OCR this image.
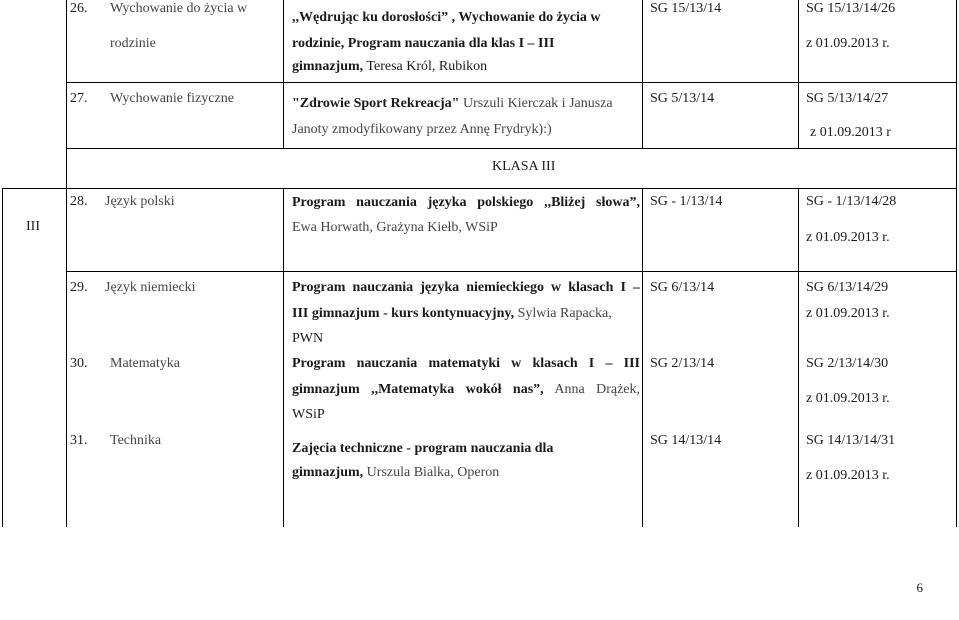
26. Wychowanie do życia w
rodzinie
,,Wędrując ku dorosłości” , Wychowanie do życia w
rodzinie, Program nauczania dla klas I – III
gimnazjum, Teresa Król, Rubikon
SG 15/13/14	SG 15/13/14/26
z 01.09.2013 r.
27. Wychowanie fizyczne	"Zdrowie Sport Rekreacja" Urszuli Kierczak i Janusza
Janoty zmodyfikowany przez Annę Frydryk):)
SG 5/13/14	SG 5/13/14/27
z 01.09.2013 r
KLASA III
III
28. Język polski	Program nauczania języka polskiego ,,Bliżej słowa”,
Ewa Horwath, Grażyna Kiełb, WSiP
SG - 1/13/14	SG - 1/13/14/28
z 01.09.2013 r.
29. Język niemiecki	Program nauczania języka niemieckiego w klasach I –
III gimnazjum - kurs kontynuacyjny, Sylwia Rapacka,
PWN
SG 6/13/14	SG 6/13/14/29
z 01.09.2013 r.
30. Matematyka	Program nauczania matematyki w klasach I – III
gimnazjum ,,Matematyka wokół nas”, Anna Drążek,
WSiP
SG 2/13/14	SG 2/13/14/30
z 01.09.2013 r.
31. Technika
Zajęcia techniczne - program nauczania dla
gimnazjum, Urszula Bialka, Operon
SG 14/13/14	SG 14/13/14/31
z 01.09.2013 r.
6
